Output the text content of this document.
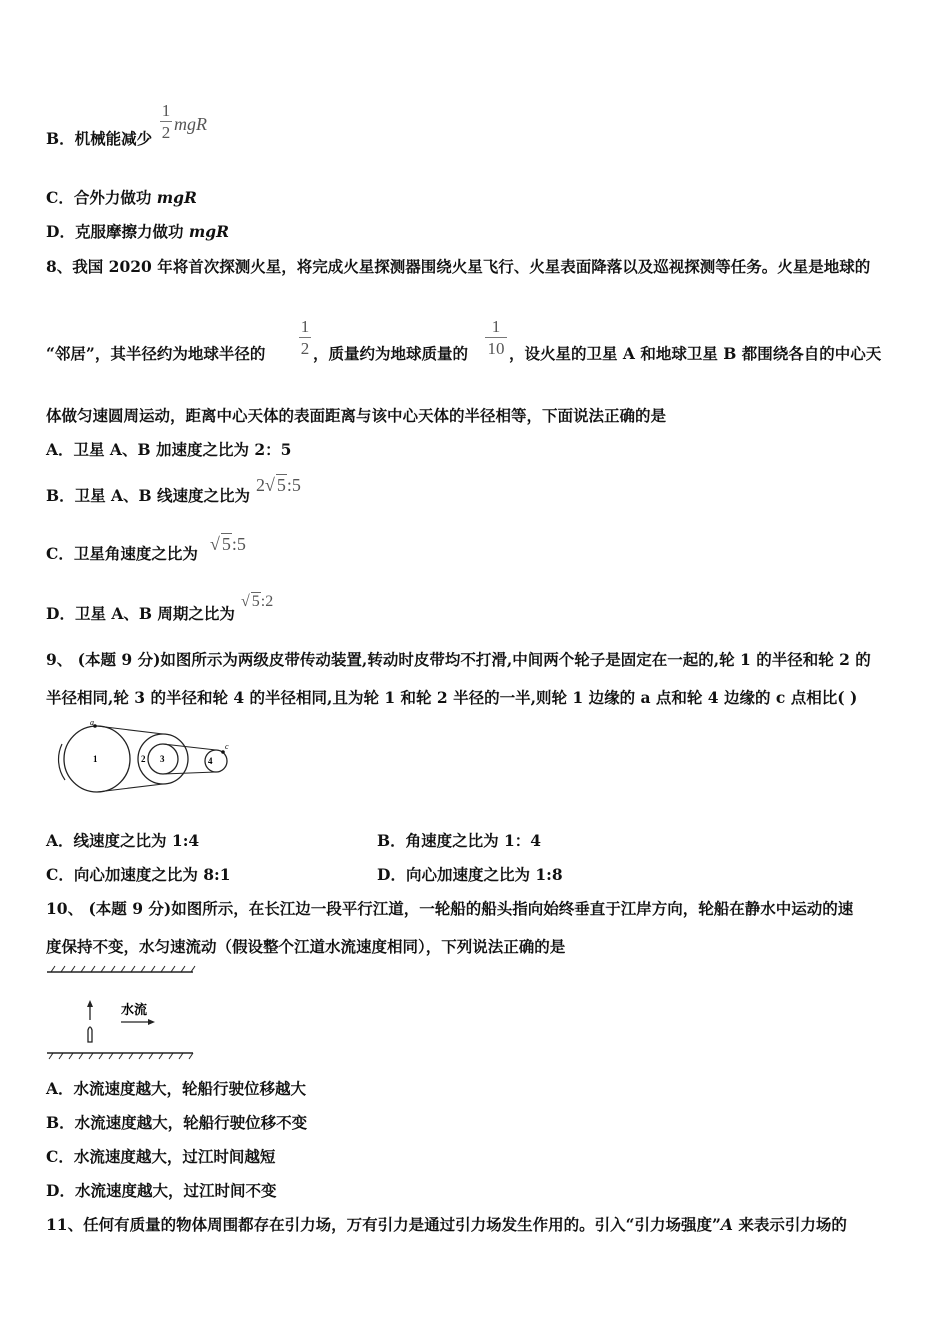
B．机械能减少
1
2 mgR
C．合外力做功 mgR
D．克服摩擦力做功 mgR
8、我国 2020 年将首次探测火星，将完成火星探测器围绕火星飞行、火星表面降落以及巡视探测等任务。火星是地球的
“邻居”，其半径约为地球半径的
1
2 ，质量约为地球质量的
1
10 ，设火星的卫星 A 和地球卫星 B 都围绕各自的中心天
体做匀速圆周运动，距离中心天体的表面距离与该中心天体的半径相等，下面说法正确的是
A．卫星 A、B 加速度之比为 2：5
B．卫星 A、B 线速度之比为
2√ 5:5
C．卫星角速度之比为 √ 5:5
D．卫星 A、B 周期之比为
√ 5:2
9、 (本题 9 分)如图所示为两级皮带传动装置,转动时皮带均不打滑,中间两个轮子是固定在一起的,轮 1 的半径和轮 2 的
半径相同,轮 3 的半径和轮 4 的半径相同,且为轮 1 和轮 2 半径的一半,则轮 1 边缘的 a 点和轮 4 边缘的 c 点相比( )
a
c
1	2 3	4
A．线速度之比为 1:4	B．角速度之比为 1：4
C．向心加速度之比为 8:1	D．向心加速度之比为 1:8
10、 (本题 9 分)如图所示，在长江边一段平行江道，一轮船的船头指向始终垂直于江岸方向，轮船在静水中运动的速
度保持不变，水匀速流动（假设整个江道水流速度相同），下列说法正确的是
水流
A．水流速度越大，轮船行驶位移越大
B．水流速度越大，轮船行驶位移不变
C．水流速度越大，过江时间越短
D．水流速度越大，过江时间不变
11、任何有质量的物体周围都存在引力场，万有引力是通过引力场发生作用的。引入“引力场强度”A 来表示引力场的
